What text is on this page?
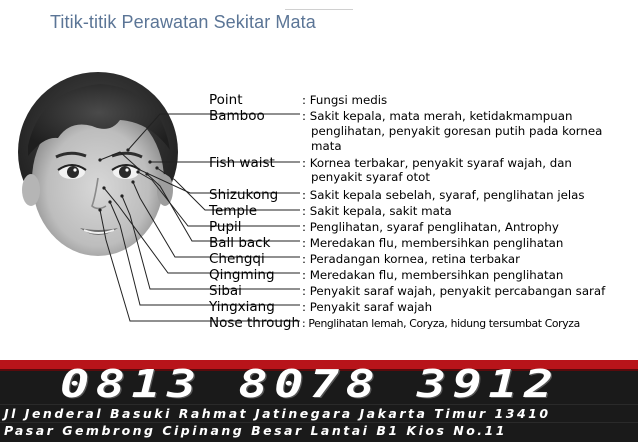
Titik-titik Perawatan Sekitar Mata
Point	: Fungsi medis
Bamboo	: Sakit kepala, mata merah, ketidakmampuan
penglihatan, penyakit goresan putih pada kornea
mata
Fish waist : Kornea terbakar, penyakit syaraf wajah, dan
penyakit syaraf otot
Shizukong : Sakit kepala sebelah, syaraf, penglihatan jelas
Temple	: Sakit kepala, sakit mata
Pupil	: Penglihatan, syaraf penglihatan, Antrophy
Ball back	: Meredakan flu, membersihkan penglihatan
Chengqi	: Peradangan kornea, retina terbakar
Qingming : Meredakan flu, membersihkan penglihatan
Sibai	: Penyakit saraf wajah, penyakit percabangan saraf
Yingxiang : Penyakit saraf wajah
Nose through : Penglihatan lemah, Coryza, hidung tersumbat Coryza
0813 8078 3912
Jl Jenderal Basuki Rahmat Jatinegara Jakarta Timur 13410
Pasar Gembrong Cipinang Besar Lantai B1 Kios No.11
